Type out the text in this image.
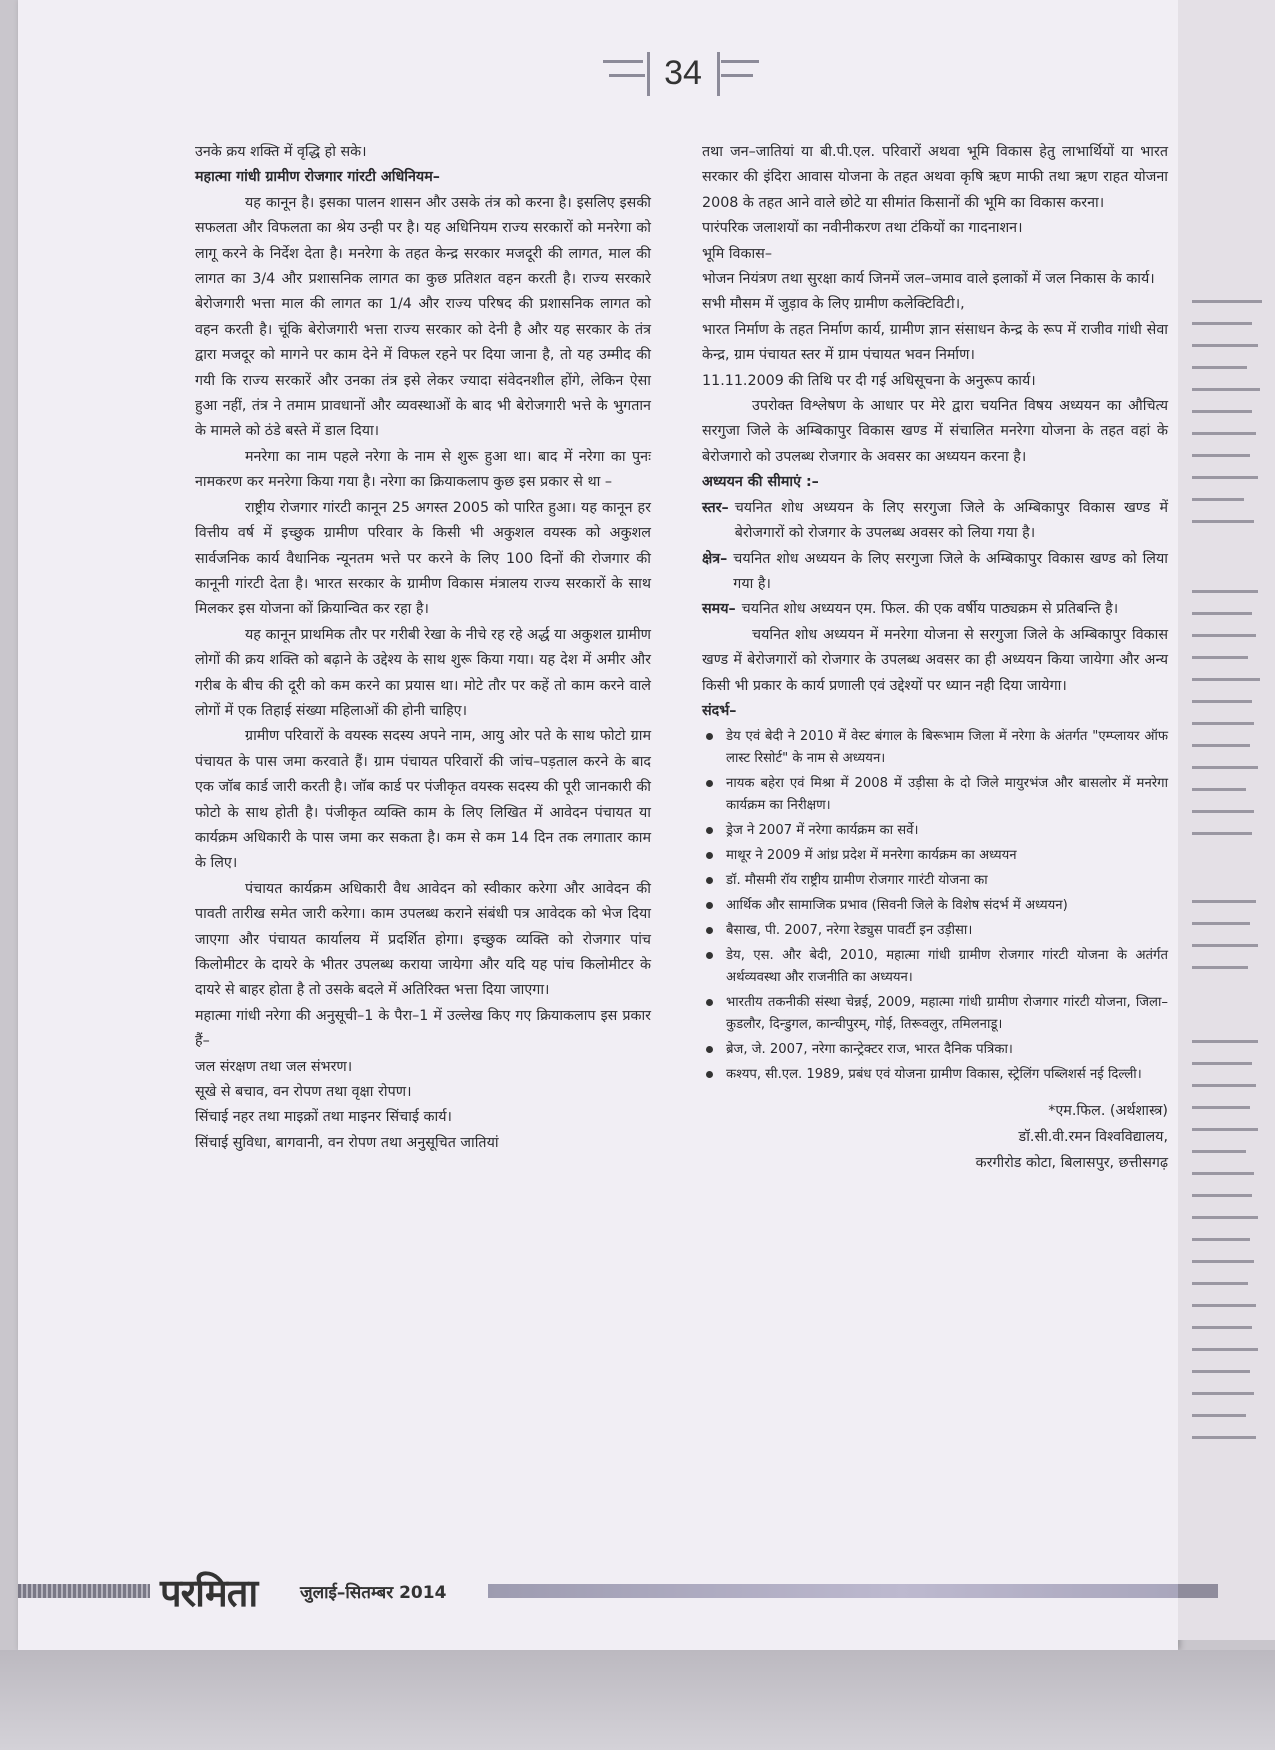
34

उनके क्रय शक्ति में वृद्धि हो सके।

महात्मा गांधी ग्रामीण रोजगार गांरटी अधिनियम–

यह कानून है। इसका पालन शासन और उसके तंत्र को करना है। इसलिए इसकी सफलता और विफलता का श्रेय उन्ही पर है। यह अधिनियम राज्य सरकारों को मनरेगा को लागू करने के निर्देश देता है। मनरेगा के तहत केन्द्र सरकार मजदूरी की लागत, माल की लागत का 3/4 और प्रशासनिक लागत का कुछ प्रतिशत वहन करती है। राज्य सरकारे बेरोजगारी भत्ता माल की लागत का 1/4 और राज्य परिषद की प्रशासनिक लागत को वहन करती है। चूंकि बेरोजगारी भत्ता राज्य सरकार को देनी है और यह सरकार के तंत्र द्वारा मजदूर को मागने पर काम देने में विफल रहने पर दिया जाना है, तो यह उम्मीद की गयी कि राज्य सरकारें और उनका तंत्र इसे लेकर ज्यादा संवेदनशील होंगे, लेकिन ऐसा हुआ नहीं, तंत्र ने तमाम प्रावधानों और व्यवस्थाओं के बाद भी बेरोजगारी भत्ते के भुगतान के मामले को ठंडे बस्ते में डाल दिया।

मनरेगा का नाम पहले नरेगा के नाम से शुरू हुआ था। बाद में नरेगा का पुनः नामकरण कर मनरेगा किया गया है। नरेगा का क्रियाकलाप कुछ इस प्रकार से था –

राष्ट्रीय रोजगार गांरटी कानून 25 अगस्त 2005 को पारित हुआ। यह कानून हर वित्तीय वर्ष में इच्छुक ग्रामीण परिवार के किसी भी अकुशल वयस्क को अकुशल सार्वजनिक कार्य वैधानिक न्यूनतम भत्ते पर करने के लिए 100 दिनों की रोजगार की कानूनी गांरटी देता है। भारत सरकार के ग्रामीण विकास मंत्रालय राज्य सरकारों के साथ मिलकर इस योजना कों क्रियान्वित कर रहा है।

यह कानून प्राथमिक तौर पर गरीबी रेखा के नीचे रह रहे अर्द्ध या अकुशल ग्रामीण लोगों की क्रय शक्ति को बढ़ाने के उद्देश्य के साथ शुरू किया गया। यह देश में अमीर और गरीब के बीच की दूरी को कम करने का प्रयास था। मोटे तौर पर कहें तो काम करने वाले लोगों में एक तिहाई संख्या महिलाओं की होनी चाहिए।

ग्रामीण परिवारों के वयस्क सदस्य अपने नाम, आयु ओर पते के साथ फोटो ग्राम पंचायत के पास जमा करवाते हैं। ग्राम पंचायत परिवारों की जांच–पड़ताल करने के बाद एक जॉब कार्ड जारी करती है। जॉब कार्ड पर पंजीकृत वयस्क सदस्य की पूरी जानकारी की फोटो के साथ होती है। पंजीकृत व्यक्ति काम के लिए लिखित में आवेदन पंचायत या कार्यक्रम अधिकारी के पास जमा कर सकता है। कम से कम 14 दिन तक लगातार काम के लिए।

पंचायत कार्यक्रम अधिकारी वैध आवेदन को स्वीकार करेगा और आवेदन की पावती तारीख समेत जारी करेगा। काम उपलब्ध कराने संबंधी पत्र आवेदक को भेज दिया जाएगा और पंचायत कार्यालय में प्रदर्शित होगा। इच्छुक व्यक्ति को रोजगार पांच किलोमीटर के दायरे के भीतर उपलब्ध कराया जायेगा और यदि यह पांच किलोमीटर के दायरे से बाहर होता है तो उसके बदले में अतिरिक्त भत्ता दिया जाएगा।

महात्मा गांधी नरेगा की अनुसूची–1 के पैरा–1 में उल्लेख किए गए क्रियाकलाप इस प्रकार हैं–

जल संरक्षण तथा जल संभरण।

सूखे से बचाव, वन रोपण तथा वृक्षा रोपण।

सिंचाई नहर तथा माइक्रों तथा माइनर सिंचाई कार्य।

सिंचाई सुविधा, बागवानी, वन रोपण तथा अनुसूचित जातियां

तथा जन–जातियां या बी.पी.एल. परिवारों अथवा भूमि विकास हेतु लाभार्थियों या भारत सरकार की इंदिरा आवास योजना के तहत अथवा कृषि ऋण माफी तथा ऋण राहत योजना 2008 के तहत आने वाले छोटे या सीमांत किसानों की भूमि का विकास करना।

पारंपरिक जलाशयों का नवीनीकरण तथा टंकियों का गादनाशन।

भूमि विकास–

भोजन नियंत्रण तथा सुरक्षा कार्य जिनमें जल–जमाव वाले इलाकों में जल निकास के कार्य।

सभी मौसम में जुड़ाव के लिए ग्रामीण कलेक्टिविटी।,

भारत निर्माण के तहत निर्माण कार्य, ग्रामीण ज्ञान संसाधन केन्द्र के रूप में राजीव गांधी सेवा केन्द्र, ग्राम पंचायत स्तर में ग्राम पंचायत भवन निर्माण।

11.11.2009 की तिथि पर दी गई अधिसूचना के अनुरूप कार्य।

उपरोक्त विश्लेषण के आधार पर मेरे द्वारा चयनित विषय अध्ययन का औचित्य सरगुजा जिले के अम्बिकापुर विकास खण्ड में संचालित मनरेगा योजना के तहत वहां के बेरोजगारो को उपलब्ध रोजगार के अवसर का अध्ययन करना है।

अध्ययन की सीमाएं :–

स्तर– चयनित शोध अध्ययन के लिए सरगुजा जिले के अम्बिकापुर विकास खण्ड में बेरोजगारों को रोजगार के उपलब्ध अवसर को लिया गया है।
क्षेत्र– चयनित शोध अध्ययन के लिए सरगुजा जिले के अम्बिकापुर विकास खण्ड को लिया गया है।
समय– चयनित शोध अध्ययन एम. फिल. की एक वर्षीय पाठ्यक्रम से प्रतिबन्ति है।

चयनित शोध अध्ययन में मनरेगा योजना से सरगुजा जिले के अम्बिकापुर विकास खण्ड में बेरोजगारों को रोजगार के उपलब्ध अवसर का ही अध्ययन किया जायेगा और अन्य किसी भी प्रकार के कार्य प्रणाली एवं उद्देश्यों पर ध्यान नही दिया जायेगा।

संदर्भ–

डेय एवं बेदी ने 2010 में वेस्ट बंगाल के बिरूभाम जिला में नरेगा के अंतर्गत "एम्प्लायर ऑफ लास्ट रिसोर्ट" के नाम से अध्ययन।
नायक बहेरा एवं मिश्रा में 2008 में उड़ीसा के दो जिले मायुरभंज और बासलोर में मनरेगा कार्यक्रम का निरीक्षण।
ड्रेज ने 2007 में नरेगा कार्यक्रम का सर्वे।
माथूर ने 2009 में आंध्र प्रदेश में मनरेगा कार्यक्रम का अध्ययन
डॉ. मौसमी रॉय राष्ट्रीय ग्रामीण रोजगार गारंटी योजना का
आर्थिक और सामाजिक प्रभाव (सिवनी जिले के विशेष संदर्भ में अध्ययन)
बैसाख, पी. 2007, नरेगा रेड्युस पावर्टी इन उड़ीसा।
डेय, एस. और बेदी, 2010, महात्मा गांधी ग्रामीण रोजगार गांरटी योजना के अतंर्गत अर्थव्यवस्था और राजनीति का अध्ययन।
भारतीय तकनीकी संस्था चेन्नई, 2009, महात्मा गांधी ग्रामीण रोजगार गांरटी योजना, जिला– कुडलौर, दिन्डुगल, कान्चीपुरम्, गोई, तिरूवलुर, तमिलनाडू।
ब्रेज, जे. 2007, नरेगा कान्ट्रेक्टर राज, भारत दैनिक पत्रिका।
कश्यप, सी.एल. 1989, प्रबंध एवं योजना ग्रामीण विकास, स्ट्रेलिंग पब्लिशर्स नई दिल्ली।
*एम.फिल. (अर्थशास्त्र)
डॉ.सी.वी.रमन विश्वविद्यालय,
करगीरोड कोटा, बिलासपुर, छत्तीसगढ़
परमिता	जुलाई–सितम्बर 2014
